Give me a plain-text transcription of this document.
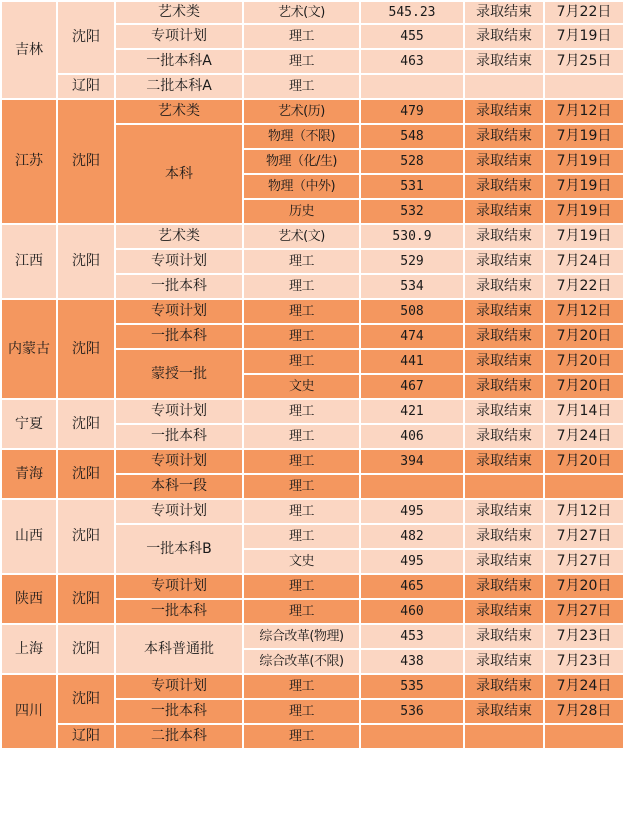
吉林	沈阳	艺术类	艺术(文)	545.23	录取结束	7月22日
		专项计划	理工	455	录取结束	7月19日
		一批本科A	理工	463	录取结束	7月25日
	辽阳	二批本科A	理工			
江苏	沈阳	艺术类	艺术(历)	479	录取结束	7月12日
		本科	物理（不限)	548	录取结束	7月19日
			物理（化/生)	528	录取结束	7月19日
			物理（中外)	531	录取结束	7月19日
			历史	532	录取结束	7月19日
江西	沈阳	艺术类	艺术(文)	530.9	录取结束	7月19日
		专项计划	理工	529	录取结束	7月24日
		一批本科	理工	534	录取结束	7月22日
内蒙古	沈阳	专项计划	理工	508	录取结束	7月12日
		一批本科	理工	474	录取结束	7月20日
		蒙授一批	理工	441	录取结束	7月20日
			文史	467	录取结束	7月20日
宁夏	沈阳	专项计划	理工	421	录取结束	7月14日
		一批本科	理工	406	录取结束	7月24日
青海	沈阳	专项计划	理工	394	录取结束	7月20日
		本科一段	理工			
山西	沈阳	专项计划	理工	495	录取结束	7月12日
		一批本科B	理工	482	录取结束	7月27日
			文史	495	录取结束	7月27日
陕西	沈阳	专项计划	理工	465	录取结束	7月20日
		一批本科	理工	460	录取结束	7月27日
上海	沈阳	本科普通批	综合改革(物理)	453	录取结束	7月23日
			综合改革(不限)	438	录取结束	7月23日
四川	沈阳	专项计划	理工	535	录取结束	7月24日
		一批本科	理工	536	录取结束	7月28日
	辽阳	二批本科	理工			
